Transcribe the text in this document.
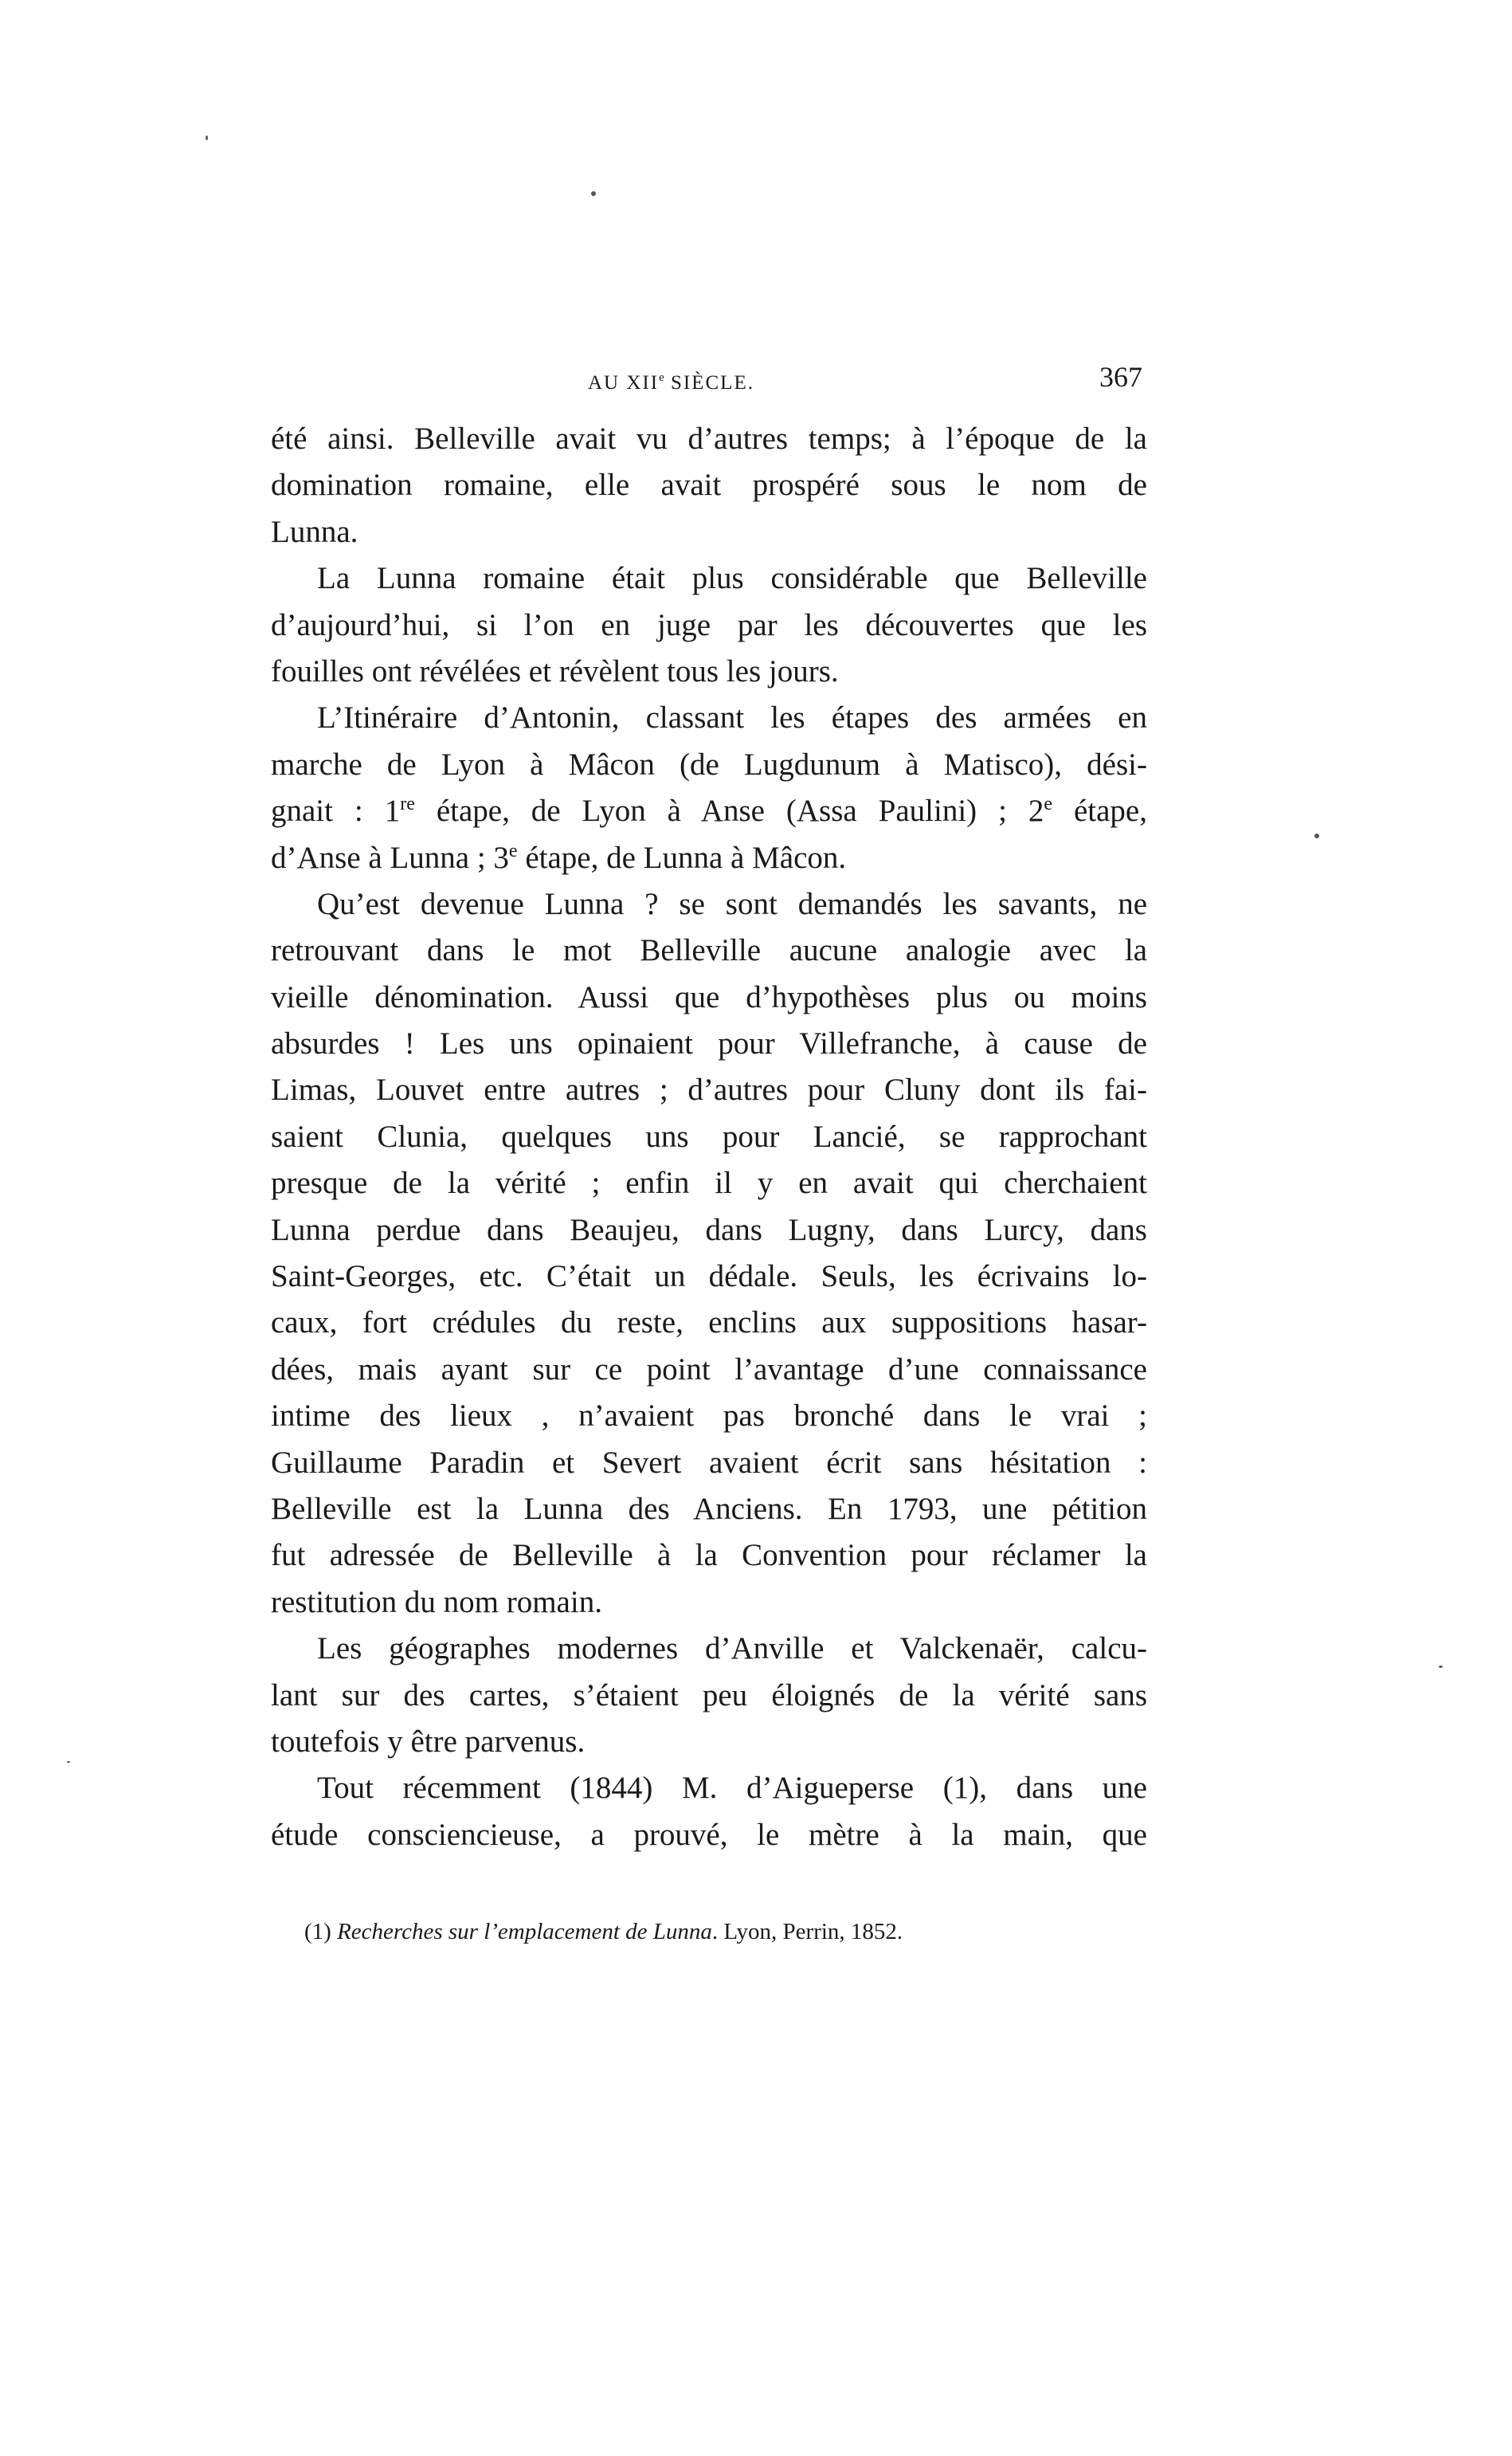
AU XIIe SIÈCLE.	367
été ainsi. Belleville avait vu d’autres temps; à l’époque de la
domination romaine, elle avait prospéré sous le nom de
Lunna.
La Lunna romaine était plus considérable que Belleville
d’aujourd’hui, si l’on en juge par les découvertes que les
fouilles ont révélées et révèlent tous les jours.
L’Itinéraire d’Antonin, classant les étapes des armées en
marche de Lyon à Mâcon (de Lugdunum à Matisco), dési-
gnait : 1re étape, de Lyon à Anse (Assa Paulini) ; 2e étape,
d’Anse à Lunna ; 3e étape, de Lunna à Mâcon.
Qu’est devenue Lunna ? se sont demandés les savants, ne
retrouvant dans le mot Belleville aucune analogie avec la
vieille dénomination. Aussi que d’hypothèses plus ou moins
absurdes ! Les uns opinaient pour Villefranche, à cause de
Limas, Louvet entre autres ; d’autres pour Cluny dont ils fai-
saient Clunia, quelques uns pour Lancié, se rapprochant
presque de la vérité ; enfin il y en avait qui cherchaient
Lunna perdue dans Beaujeu, dans Lugny, dans Lurcy, dans
Saint-Georges, etc. C’était un dédale. Seuls, les écrivains lo-
caux, fort crédules du reste, enclins aux suppositions hasar-
dées, mais ayant sur ce point l’avantage d’une connaissance
intime des lieux , n’avaient pas bronché dans le vrai ;
Guillaume Paradin et Severt avaient écrit sans hésitation :
Belleville est la Lunna des Anciens. En 1793, une pétition
fut adressée de Belleville à la Convention pour réclamer la
restitution du nom romain.
Les géographes modernes d’Anville et Valckenaër, calcu-
lant sur des cartes, s’étaient peu éloignés de la vérité sans
toutefois y être parvenus.
Tout récemment (1844) M. d’Aigueperse (1), dans une
étude consciencieuse, a prouvé, le mètre à la main, que
(1) Recherches sur l’emplacement de Lunna. Lyon, Perrin, 1852.
